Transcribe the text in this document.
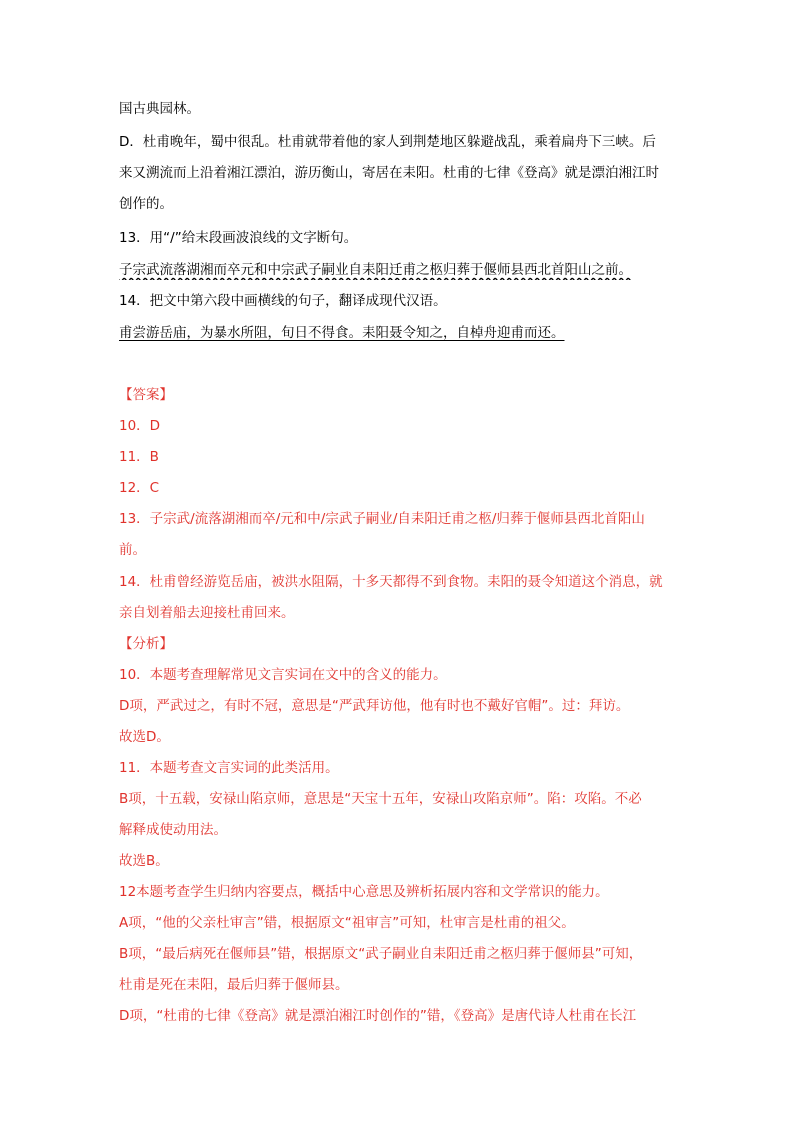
国古典园林。
D．杜甫晚年，蜀中很乱。杜甫就带着他的家人到荆楚地区躲避战乱，乘着扁舟下三峡。后
来又溯流而上沿着湘江漂泊，游历衡山，寄居在耒阳。杜甫的七律《登高》就是漂泊湘江时
创作的。
13．用“/”给末段画波浪线的文字断句。
子宗武流落湖湘而卒元和中宗武子嗣业自耒阳迁甫之柩归葬于偃师县西北首阳山之前。
14．把文中第六段中画横线的句子，翻译成现代汉语。
甫尝游岳庙，为暴水所阻，旬日不得食。耒阳聂令知之，自棹舟迎甫而还。
【答案】
10．D
11．B
12．C
13．子宗武/流落湖湘而卒/元和中/宗武子嗣业/自耒阳迁甫之柩/归葬于偃师县西北首阳山
前。
14．杜甫曾经游览岳庙，被洪水阻隔，十多天都得不到食物。耒阳的聂令知道这个消息，就
亲自划着船去迎接杜甫回来。
【分析】
10．本题考查理解常见文言实词在文中的含义的能力。
D项，严武过之，有时不冠，意思是“严武拜访他，他有时也不戴好官帽”。过：拜访。
故选D。
11．本题考查文言实词的此类活用。
B项，十五载，安禄山陷京师，意思是“天宝十五年，安禄山攻陷京师”。陷：攻陷。不必
解释成使动用法。
故选B。
12本题考查学生归纳内容要点，概括中心意思及辨析拓展内容和文学常识的能力。
A项，“他的父亲杜审言”错，根据原文“祖审言”可知，杜审言是杜甫的祖父。
B项，“最后病死在偃师县”错，根据原文“武子嗣业自耒阳迁甫之柩归葬于偃师县”可知，
杜甫是死在耒阳，最后归葬于偃师县。
D项，“杜甫的七律《登高》就是漂泊湘江时创作的”错，《登高》是唐代诗人杜甫在长江
